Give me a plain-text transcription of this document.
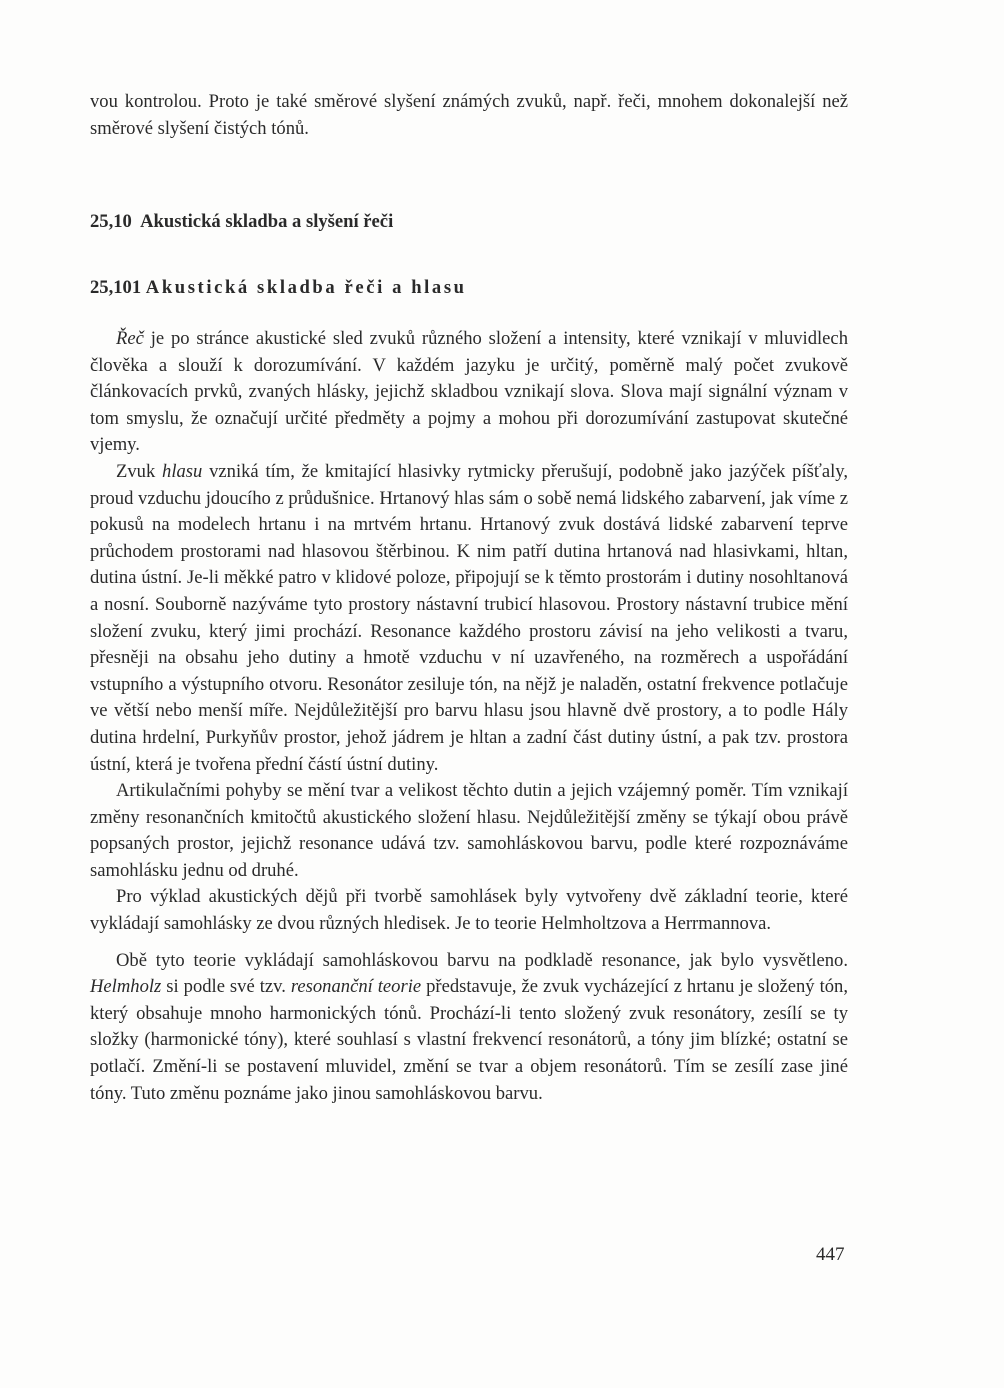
vou kontrolou. Proto je také směrové slyšení známých zvuků, např. řeči, mnohem dokonalejší než směrové slyšení čistých tónů.

25,10  Akustická skladba a slyšení řeči
25,101 Akustická skladba řeči a hlasu

Řeč je po stránce akustické sled zvuků různého složení a intensity, které vznikají v mluvidlech člověka a slouží k dorozumívání. V každém jazyku je určitý, poměrně malý počet zvukově článkovacích prvků, zvaných hlásky, jejichž skladbou vznikají slova. Slova mají signální význam v tom smyslu, že označují určité předměty a pojmy a mohou při dorozumívání zastupovat skutečné vjemy.

Zvuk hlasu vzniká tím, že kmitající hlasivky rytmicky přerušují, podobně jako jazýček píšťaly, proud vzduchu jdoucího z průdušnice. Hrtanový hlas sám o sobě nemá lidského zabarvení, jak víme z pokusů na modelech hrtanu i na mrtvém hrtanu. Hrtanový zvuk dostává lidské zabarvení teprve průchodem prostorami nad hlasovou štěrbinou. K nim patří dutina hrtanová nad hlasivkami, hltan, dutina ústní. Je-li měkké patro v klidové poloze, připojují se k těmto prostorám i dutiny nosohltanová a nosní. Souborně nazýváme tyto prostory nástavní trubicí hlasovou. Prostory nástavní trubice mění složení zvuku, který jimi prochází. Resonance každého prostoru závisí na jeho velikosti a tvaru, přesněji na obsahu jeho dutiny a hmotě vzduchu v ní uzavřeného, na rozměrech a uspořádání vstupního a výstupního otvoru. Resonátor zesiluje tón, na nějž je naladěn, ostatní frekvence potlačuje ve větší nebo menší míře. Nejdůležitější pro barvu hlasu jsou hlavně dvě prostory, a to podle Hály dutina hrdelní, Purkyňův prostor, jehož jádrem je hltan a zadní část dutiny ústní, a pak tzv. prostora ústní, která je tvořena přední částí ústní dutiny.

Artikulačními pohyby se mění tvar a velikost těchto dutin a jejich vzájemný poměr. Tím vznikají změny resonančních kmitočtů akustického složení hlasu. Nejdůležitější změny se týkají obou právě popsaných prostor, jejichž resonance udává tzv. samohláskovou barvu, podle které rozpoznáváme samohlásku jednu od druhé.

Pro výklad akustických dějů při tvorbě samohlásek byly vytvořeny dvě základní teorie, které vykládají samohlásky ze dvou různých hledisek. Je to teorie Helmholtzova a Herrmannova.

Obě tyto teorie vykládají samohláskovou barvu na podkladě resonance, jak bylo vysvětleno. Helmholz si podle své tzv. resonanční teorie představuje, že zvuk vycházející z hrtanu je složený tón, který obsahuje mnoho harmonických tónů. Prochází-li tento složený zvuk resonátory, zesílí se ty složky (harmonické tóny), které souhlasí s vlastní frekvencí resonátorů, a tóny jim blízké; ostatní se potlačí. Změní-li se postavení mluvidel, změní se tvar a objem resonátorů. Tím se zesílí zase jiné tóny. Tuto změnu poznáme jako jinou samohláskovou barvu.

447
